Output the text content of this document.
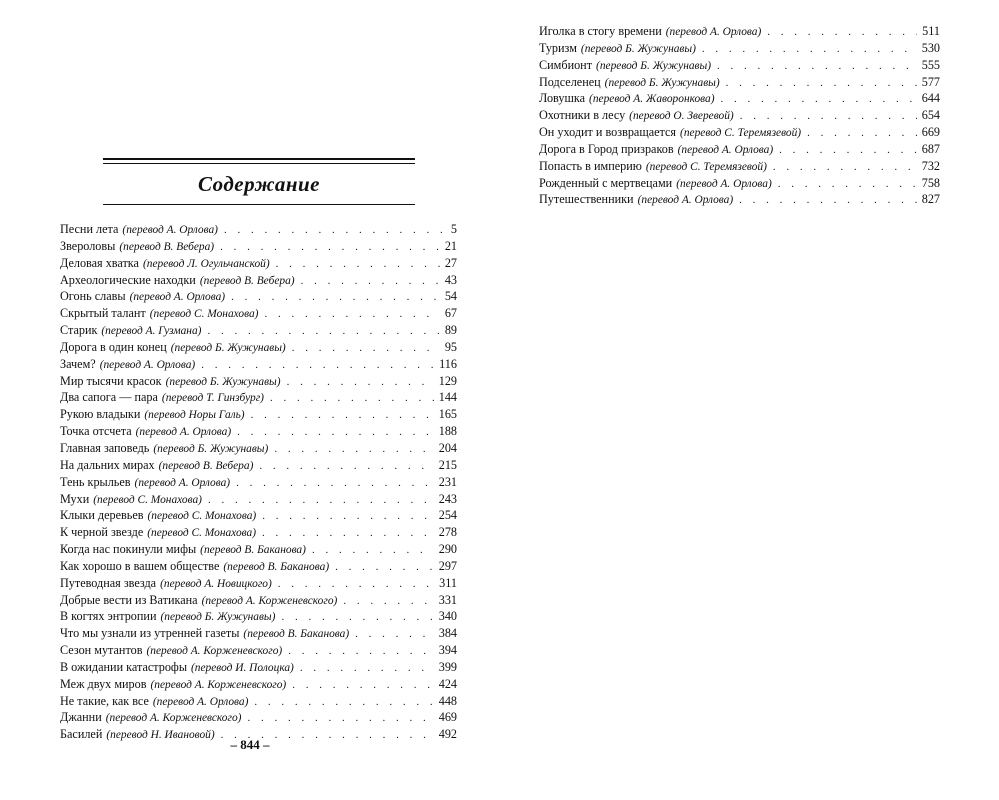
Содержание
Песни лета (перевод А. Орлова) . . .	5
Звероловы (перевод В. Вебера) . . .	21
Деловая хватка (перевод Л. Огульчанской) . . .	27
Археологические находки (перевод В. Вебера) . . .	43
Огонь славы (перевод А. Орлова) . . .	54
Скрытый талант (перевод С. Монахова) . . .	67
Старик (перевод А. Гузмана) . . .	89
Дорога в один конец (перевод Б. Жужунавы) . . .	95
Зачем? (перевод А. Орлова) . . .	116
Мир тысячи красок (перевод Б. Жужунавы) . . .	129
Два сапога — пара (перевод Т. Гинзбург) . . .	144
Рукою владыки (перевод Норы Галь) . . .	165
Точка отсчета (перевод А. Орлова) . . .	188
Главная заповедь (перевод Б. Жужунавы) . . .	204
На дальних мирах (перевод В. Вебера) . . .	215
Тень крыльев (перевод А. Орлова) . . .	231
Мухи (перевод С. Монахова) . . .	243
Клыки деревьев (перевод С. Монахова) . . .	254
К черной звезде (перевод С. Монахова) . . .	278
Когда нас покинули мифы (перевод В. Баканова) . . .	290
Как хорошо в вашем обществе (перевод В. Баканова) . . .	297
Путеводная звезда (перевод А. Новицкого) . . .	311
Добрые вести из Ватикана (перевод А. Корженевского) . . .	331
В когтях энтропии (перевод Б. Жужунавы) . . .	340
Что мы узнали из утренней газеты (перевод В. Баканова) . . .	384
Сезон мутантов (перевод А. Корженевского) . . .	394
В ожидании катастрофы (перевод И. Полоцка) . . .	399
Меж двух миров (перевод А. Корженевского) . . .	424
Не такие, как все (перевод А. Орлова) . . .	448
Джанни (перевод А. Корженевского) . . .	469
Басилей (перевод Н. Ивановой) . . .	492
– 844 –
Иголка в стогу времени (перевод А. Орлова) . . .	511
Туризм (перевод Б. Жужунавы) . . .	530
Симбионт (перевод Б. Жужунавы) . . .	555
Подселенец (перевод Б. Жужунавы) . . .	577
Ловушка (перевод А. Жаворонкова) . . .	644
Охотники в лесу (перевод О. Зверевой) . . .	654
Он уходит и возвращается (перевод С. Теремязевой) . . .	669
Дорога в Город призраков (перевод А. Орлова) . . .	687
Попасть в империю (перевод С. Теремязевой) . . .	732
Рожденный с мертвецами (перевод А. Орлова) . . .	758
Путешественники (перевод А. Орлова) . . .	827
